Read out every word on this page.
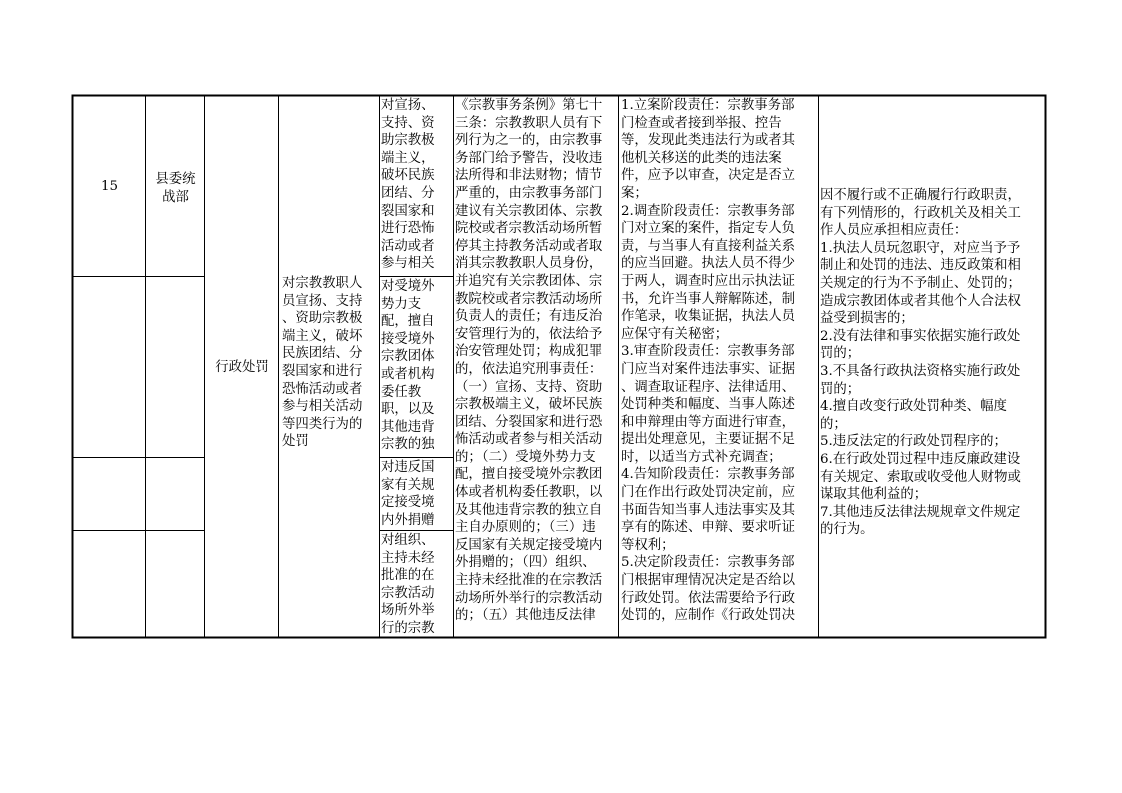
15	县委统
战部
行政处罚
对宗教教职人
员宣扬、支持
、资助宗教极
端主义，破坏
民族团结、分
裂国家和进行
恐怖活动或者
参与相关活动
等四类行为的
处罚
对宣扬、
支持、资
助宗教极
端主义，
破坏民族
团结、分
裂国家和
进行恐怖
活动或者
参与相关
对受境外
势力支
配，擅自
接受境外
宗教团体
或者机构
委任教
职，以及
其他违背
宗教的独
对违反国
家有关规
定接受境
内外捐赠
对组织、
主持未经
批准的在
宗教活动
场所外举
行的宗教
《宗教事务条例》第七十
三条：宗教教职人员有下
列行为之一的，由宗教事
务部门给予警告，没收违
法所得和非法财物；情节
严重的，由宗教事务部门
建议有关宗教团体、宗教
院校或者宗教活动场所暂
停其主持教务活动或者取
消其宗教教职人员身份，
并追究有关宗教团体、宗
教院校或者宗教活动场所
负责人的责任；有违反治
安管理行为的，依法给予
治安管理处罚；构成犯罪
的，依法追究刑事责任：
（一）宣扬、支持、资助
宗教极端主义，破坏民族
团结、分裂国家和进行恐
怖活动或者参与相关活动
的；（二）受境外势力支
配，擅自接受境外宗教团
体或者机构委任教职，以
及其他违背宗教的独立自
主自办原则的；（三）违
反国家有关规定接受境内
外捐赠的；（四）组织、
主持未经批准的在宗教活
动场所外举行的宗教活动
的；（五）其他违反法律
1.立案阶段责任：宗教事务部
门检查或者接到举报、控告
等，发现此类违法行为或者其
他机关移送的此类的违法案
件，应予以审查，决定是否立
案；
2.调查阶段责任：宗教事务部
门对立案的案件，指定专人负
责，与当事人有直接利益关系
的应当回避。执法人员不得少
于两人，调查时应出示执法证
书，允许当事人辩解陈述，制
作笔录，收集证据，执法人员
应保守有关秘密；
3.审查阶段责任：宗教事务部
门应当对案件违法事实、证据
、调查取证程序、法律适用、
处罚种类和幅度、当事人陈述
和申辩理由等方面进行审查，
提出处理意见，主要证据不足
时，以适当方式补充调查；
4.告知阶段责任：宗教事务部
门在作出行政处罚决定前，应
书面告知当事人违法事实及其
享有的陈述、申辩、要求听证
等权利；
5.决定阶段责任：宗教事务部
门根据审理情况决定是否给以
行政处罚。依法需要给予行政
处罚的，应制作《行政处罚决
因不履行或不正确履行行政职责，
有下列情形的，行政机关及相关工
作人员应承担相应责任：
1.执法人员玩忽职守，对应当予予
制止和处罚的违法、违反政策和相
关规定的行为不予制止、处罚的；
造成宗教团体或者其他个人合法权
益受到损害的；
2.没有法律和事实依据实施行政处
罚的；
3.不具备行政执法资格实施行政处
罚的；
4.擅自改变行政处罚种类、幅度
的；
5.违反法定的行政处罚程序的；
6.在行政处罚过程中违反廉政建设
有关规定、索取或收受他人财物或
谋取其他利益的；
7.其他违反法律法规规章文件规定
的行为。
